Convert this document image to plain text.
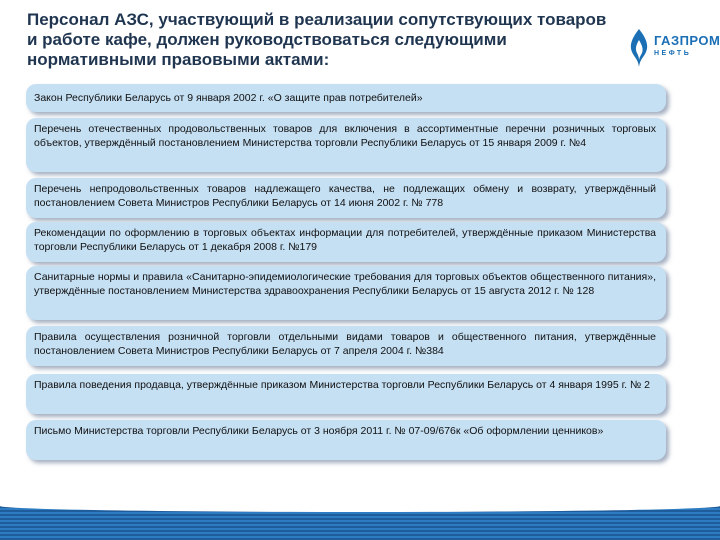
Персонал АЗС, участвующий в реализации сопутствующих товаров и работе кафе, должен руководствоваться следующими нормативными правовыми актами:
ГАЗПРОМ
НЕФТЬ
Закон Республики Беларусь от 9 января 2002 г. «О защите прав потребителей»
Перечень отечественных продовольственных товаров для включения в ассортиментные перечни розничных торговых объектов, утверждённый постановлением Министерства торговли Республики Беларусь от 15 января 2009 г. №4
Перечень непродовольственных товаров надлежащего качества, не подлежащих обмену и возврату, утверждённый постановлением Совета Министров Республики Беларусь от 14 июня 2002 г. № 778
Рекомендации по оформлению в торговых объектах информации для потребителей, утверждённые приказом Министерства торговли Республики Беларусь от 1 декабря 2008 г. №179
Санитарные нормы и правила «Санитарно-эпидемиологические требования для торговых объектов общественного питания», утверждённые постановлением Министерства здравоохранения Республики Беларусь от 15 августа 2012 г. № 128
Правила осуществления розничной торговли отдельными видами товаров и общественного питания, утверждённые постановлением Совета Министров Республики Беларусь от 7 апреля 2004 г. №384
Правила поведения продавца, утверждённые приказом Министерства торговли Республики Беларусь от 4 января 1995 г. № 2
Письмо Министерства торговли Республики Беларусь от 3 ноября 2011 г. № 07-09/676к «Об оформлении ценников»
